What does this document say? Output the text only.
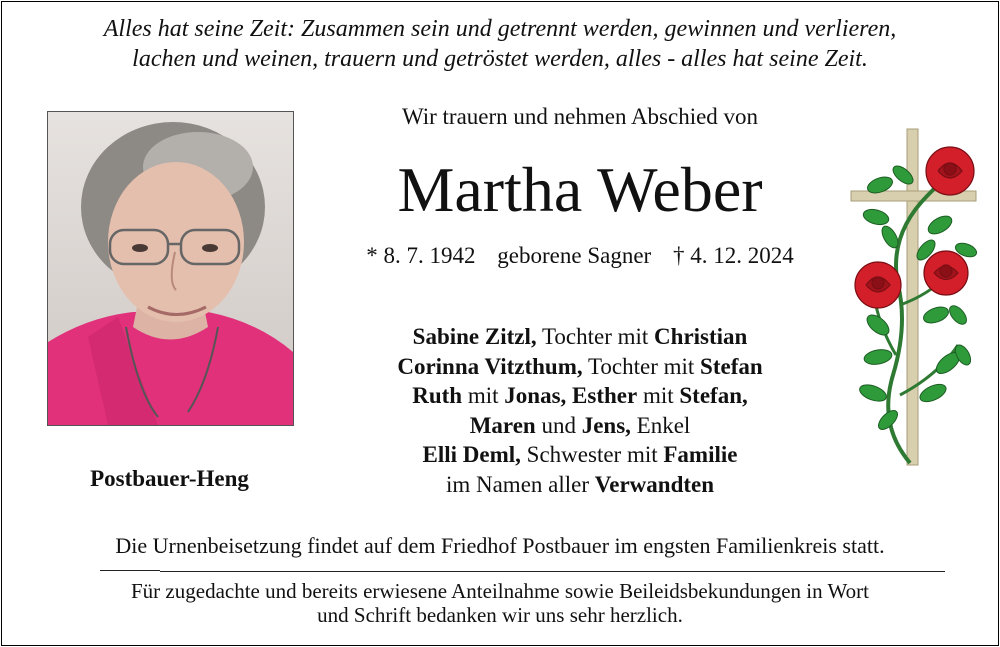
Alles hat seine Zeit: Zusammen sein und getrennt werden, gewinnen und verlieren,
lachen und weinen, trauern und getröstet werden, alles - alles hat seine Zeit.
Postbauer-Heng
Wir trauern und nehmen Abschied von
Martha Weber
* 8. 7. 1942 geborene Sagner † 4. 12. 2024
Sabine Zitzl, Tochter mit Christian
Corinna Vitzthum, Tochter mit Stefan
Ruth mit Jonas, Esther mit Stefan,
Maren und Jens, Enkel
Elli Deml, Schwester mit Familie
im Namen aller Verwandten
Die Urnenbeisetzung findet auf dem Friedhof Postbauer im engsten Familienkreis statt.
Für zugedachte und bereits erwiesene Anteilnahme sowie Beileidsbekundungen in Wort
und Schrift bedanken wir uns sehr herzlich.
